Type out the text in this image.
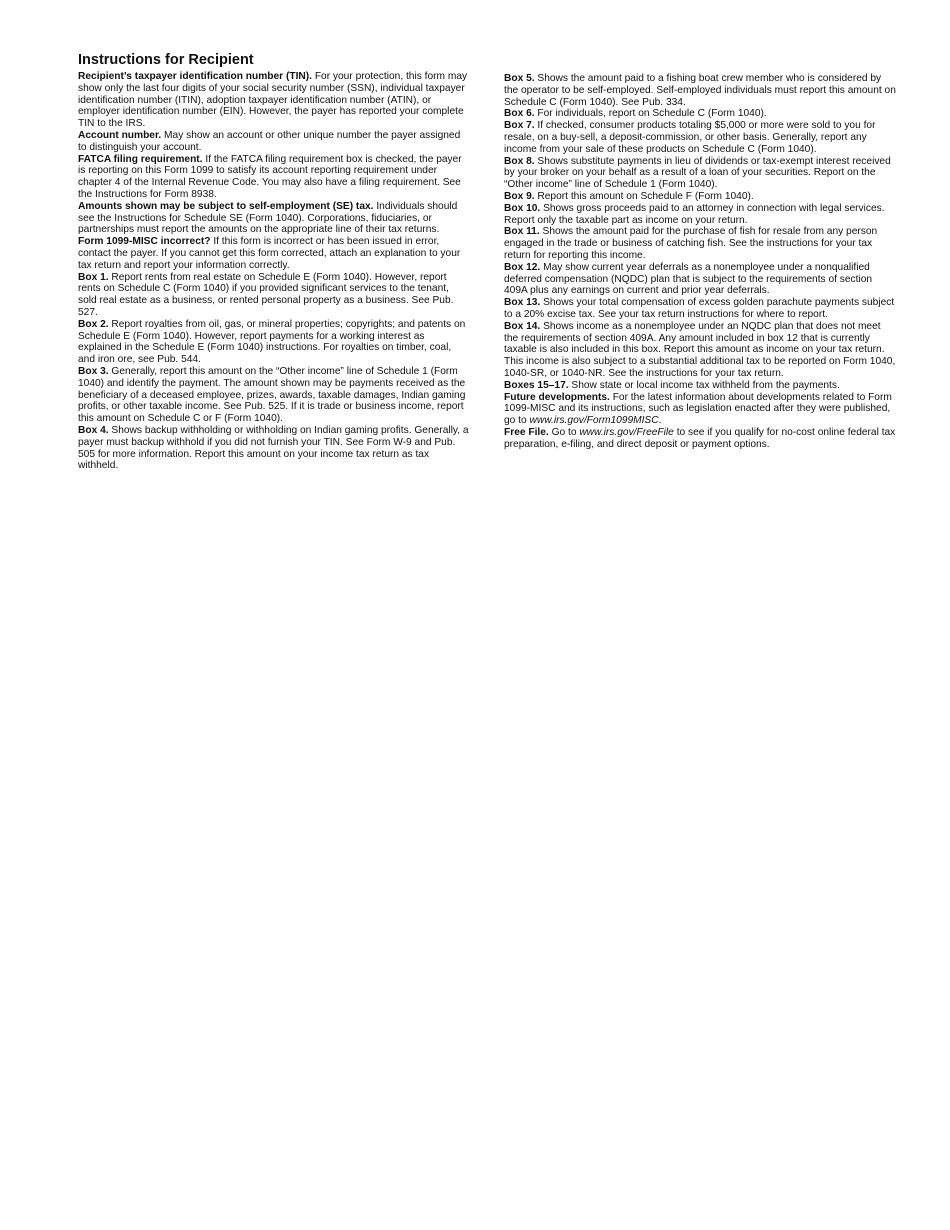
Instructions for Recipient

Recipient’s taxpayer identification number (TIN). For your protection, this form may show only the last four digits of your social security number (SSN), individual taxpayer identification number (ITIN), adoption taxpayer identification number (ATIN), or employer identification number (EIN). However, the payer has reported your complete TIN to the IRS.

Account number. May show an account or other unique number the payer assigned to distinguish your account.

FATCA filing requirement. If the FATCA filing requirement box is checked, the payer is reporting on this Form 1099 to satisfy its account reporting requirement under chapter 4 of the Internal Revenue Code. You may also have a filing requirement. See the Instructions for Form 8938.

Amounts shown may be subject to self-employment (SE) tax. Individuals should see the Instructions for Schedule SE (Form 1040). Corporations, fiduciaries, or partnerships must report the amounts on the appropriate line of their tax returns.

Form 1099-MISC incorrect? If this form is incorrect or has been issued in error, contact the payer. If you cannot get this form corrected, attach an explanation to your tax return and report your information correctly.

Box 1. Report rents from real estate on Schedule E (Form 1040). However, report rents on Schedule C (Form 1040) if you provided significant services to the tenant, sold real estate as a business, or rented personal property as a business. See Pub. 527.

Box 2. Report royalties from oil, gas, or mineral properties; copyrights; and patents on Schedule E (Form 1040). However, report payments for a working interest as explained in the Schedule E (Form 1040) instructions. For royalties on timber, coal, and iron ore, see Pub. 544.

Box 3. Generally, report this amount on the “Other income” line of Schedule 1 (Form 1040) and identify the payment. The amount shown may be payments received as the beneficiary of a deceased employee, prizes, awards, taxable damages, Indian gaming profits, or other taxable income. See Pub. 525. If it is trade or business income, report this amount on Schedule C or F (Form 1040).

Box 4. Shows backup withholding or withholding on Indian gaming profits. Generally, a payer must backup withhold if you did not furnish your TIN. See Form W-9 and Pub. 505 for more information. Report this amount on your income tax return as tax withheld.

Box 5. Shows the amount paid to a fishing boat crew member who is considered by the operator to be self-employed. Self-employed individuals must report this amount on Schedule C (Form 1040). See Pub. 334.

Box 6. For individuals, report on Schedule C (Form 1040).

Box 7. If checked, consumer products totaling $5,000 or more were sold to you for resale, on a buy-sell, a deposit-commission, or other basis. Generally, report any income from your sale of these products on Schedule C (Form 1040).

Box 8. Shows substitute payments in lieu of dividends or tax-exempt interest received by your broker on your behalf as a result of a loan of your securities. Report on the “Other income” line of Schedule 1 (Form 1040).

Box 9. Report this amount on Schedule F (Form 1040).

Box 10. Shows gross proceeds paid to an attorney in connection with legal services. Report only the taxable part as income on your return.

Box 11. Shows the amount paid for the purchase of fish for resale from any person engaged in the trade or business of catching fish. See the instructions for your tax return for reporting this income.

Box 12. May show current year deferrals as a nonemployee under a nonqualified deferred compensation (NQDC) plan that is subject to the requirements of section 409A plus any earnings on current and prior year deferrals.

Box 13. Shows your total compensation of excess golden parachute payments subject to a 20% excise tax. See your tax return instructions for where to report.

Box 14. Shows income as a nonemployee under an NQDC plan that does not meet the requirements of section 409A. Any amount included in box 12 that is currently taxable is also included in this box. Report this amount as income on your tax return. This income is also subject to a substantial additional tax to be reported on Form 1040, 1040-SR, or 1040-NR. See the instructions for your tax return.

Boxes 15–17. Show state or local income tax withheld from the payments.

Future developments. For the latest information about developments related to Form 1099-MISC and its instructions, such as legislation enacted after they were published, go to www.irs.gov/Form1099MISC.

Free File. Go to www.irs.gov/FreeFile to see if you qualify for no-cost online federal tax preparation, e-filing, and direct deposit or payment options.
